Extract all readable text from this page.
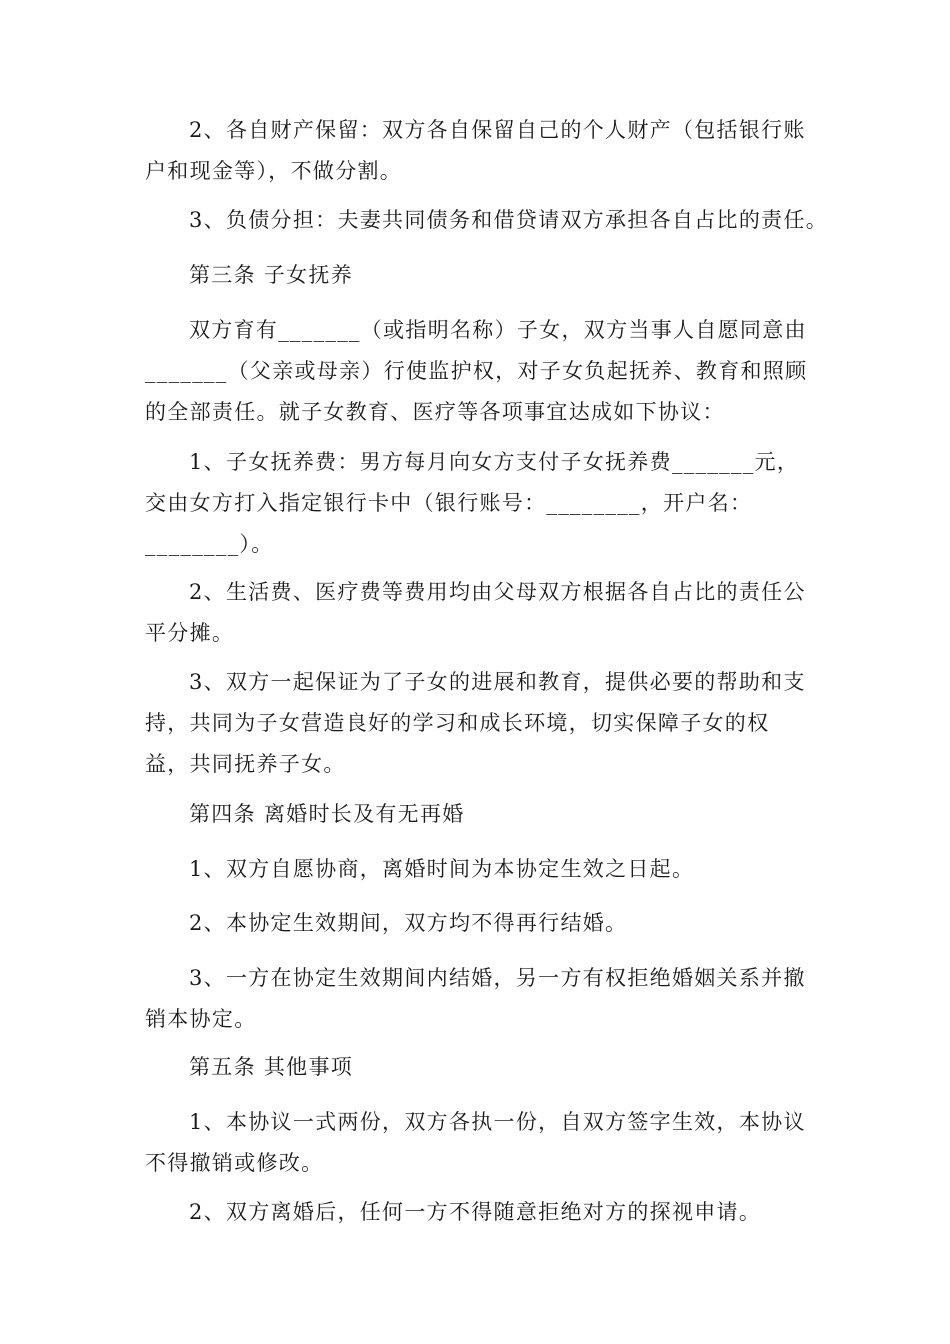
2、各自财产保留：双方各自保留自己的个人财产（包括银行账户和现金等），不做分割。

3、负债分担：夫妻共同债务和借贷请双方承担各自占比的责任。

第三条 子女抚养

双方育有_______（或指明名称）子女，双方当事人自愿同意由_______（父亲或母亲）行使监护权，对子女负起抚养、教育和照顾的全部责任。就子女教育、医疗等各项事宜达成如下协议：

1、子女抚养费：男方每月向女方支付子女抚养费_______元，交由女方打入指定银行卡中（银行账号：________，开户名：________）。

2、生活费、医疗费等费用均由父母双方根据各自占比的责任公平分摊。

3、双方一起保证为了子女的进展和教育，提供必要的帮助和支持，共同为子女营造良好的学习和成长环境，切实保障子女的权益，共同抚养子女。

第四条 离婚时长及有无再婚

1、双方自愿协商，离婚时间为本协定生效之日起。

2、本协定生效期间，双方均不得再行结婚。

3、一方在协定生效期间内结婚，另一方有权拒绝婚姻关系并撤销本协定。

第五条 其他事项

1、本协议一式两份，双方各执一份，自双方签字生效，本协议不得撤销或修改。

2、双方离婚后，任何一方不得随意拒绝对方的探视申请。
